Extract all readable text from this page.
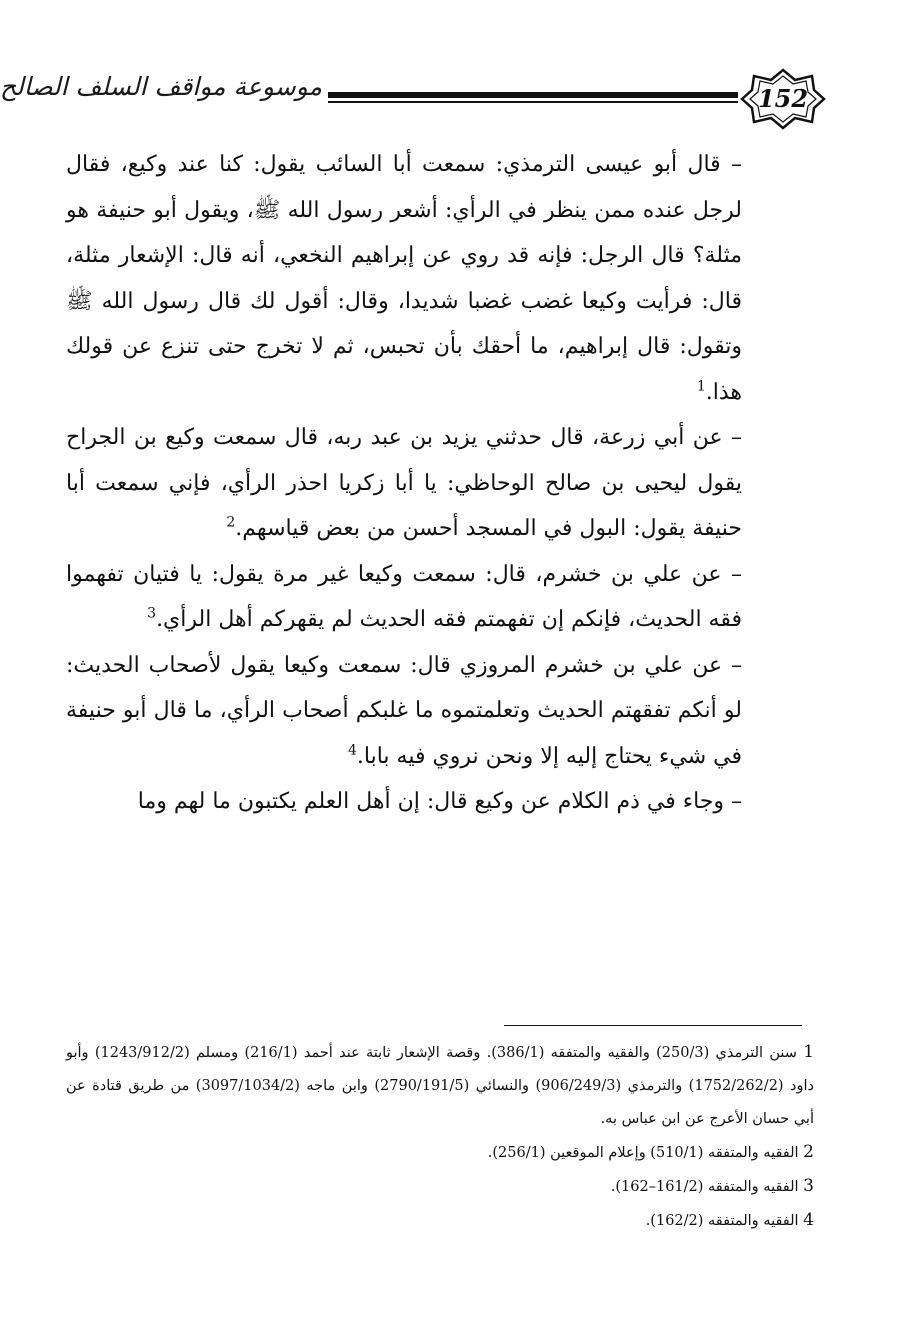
موسوعة مواقف السلف الصالح	152

– قال أبو عيسى الترمذي: سمعت أبا السائب يقول: كنا عند وكيع، فقال لرجل عنده ممن ينظر في الرأي: أشعر رسول الله ﷺ، ويقول أبو حنيفة هو مثلة؟ قال الرجل: فإنه قد روي عن إبراهيم النخعي، أنه قال: الإشعار مثلة، قال: فرأيت وكيعا غضب غضبا شديدا، وقال: أقول لك قال رسول الله ﷺ وتقول: قال إبراهيم، ما أحقك بأن تحبس، ثم لا تخرج حتى تنزع عن قولك هذا.$^1$

– عن أبي زرعة، قال حدثني يزيد بن عبد ربه، قال سمعت وكيع بن الجراح يقول ليحيى بن صالح الوحاظي: يا أبا زكريا احذر الرأي، فإني سمعت أبا حنيفة يقول: البول في المسجد أحسن من بعض قياسهم.$^2$

– عن علي بن خشرم، قال: سمعت وكيعا غير مرة يقول: يا فتيان تفهموا فقه الحديث، فإنكم إن تفهمتم فقه الحديث لم يقهركم أهل الرأي.$^3$

– عن علي بن خشرم المروزي قال: سمعت وكيعا يقول لأصحاب الحديث: لو أنكم تفقهتم الحديث وتعلمتموه ما غلبكم أصحاب الرأي، ما قال أبو حنيفة في شيء يحتاج إليه إلا ونحن نروي فيه بابا.$^4$

– وجاء في ذم الكلام عن وكيع قال: إن أهل العلم يكتبون ما لهم وما

1 سنن الترمذي (250/3) والفقيه والمتفقه (386/1). وقصة الإشعار ثابتة عند أحمد (216/1) ومسلم (1243/912/2) وأبو داود (1752/262/2) والترمذي (906/249/3) والنسائي (2790/191/5) وابن ماجه (3097/1034/2) من طريق قتادة عن أبي حسان الأعرج عن ابن عباس به.

2 الفقيه والمتفقه (510/1) وإعلام الموقعين (256/1).

3 الفقيه والمتفقه (161/2–162).

4 الفقيه والمتفقه (162/2).
